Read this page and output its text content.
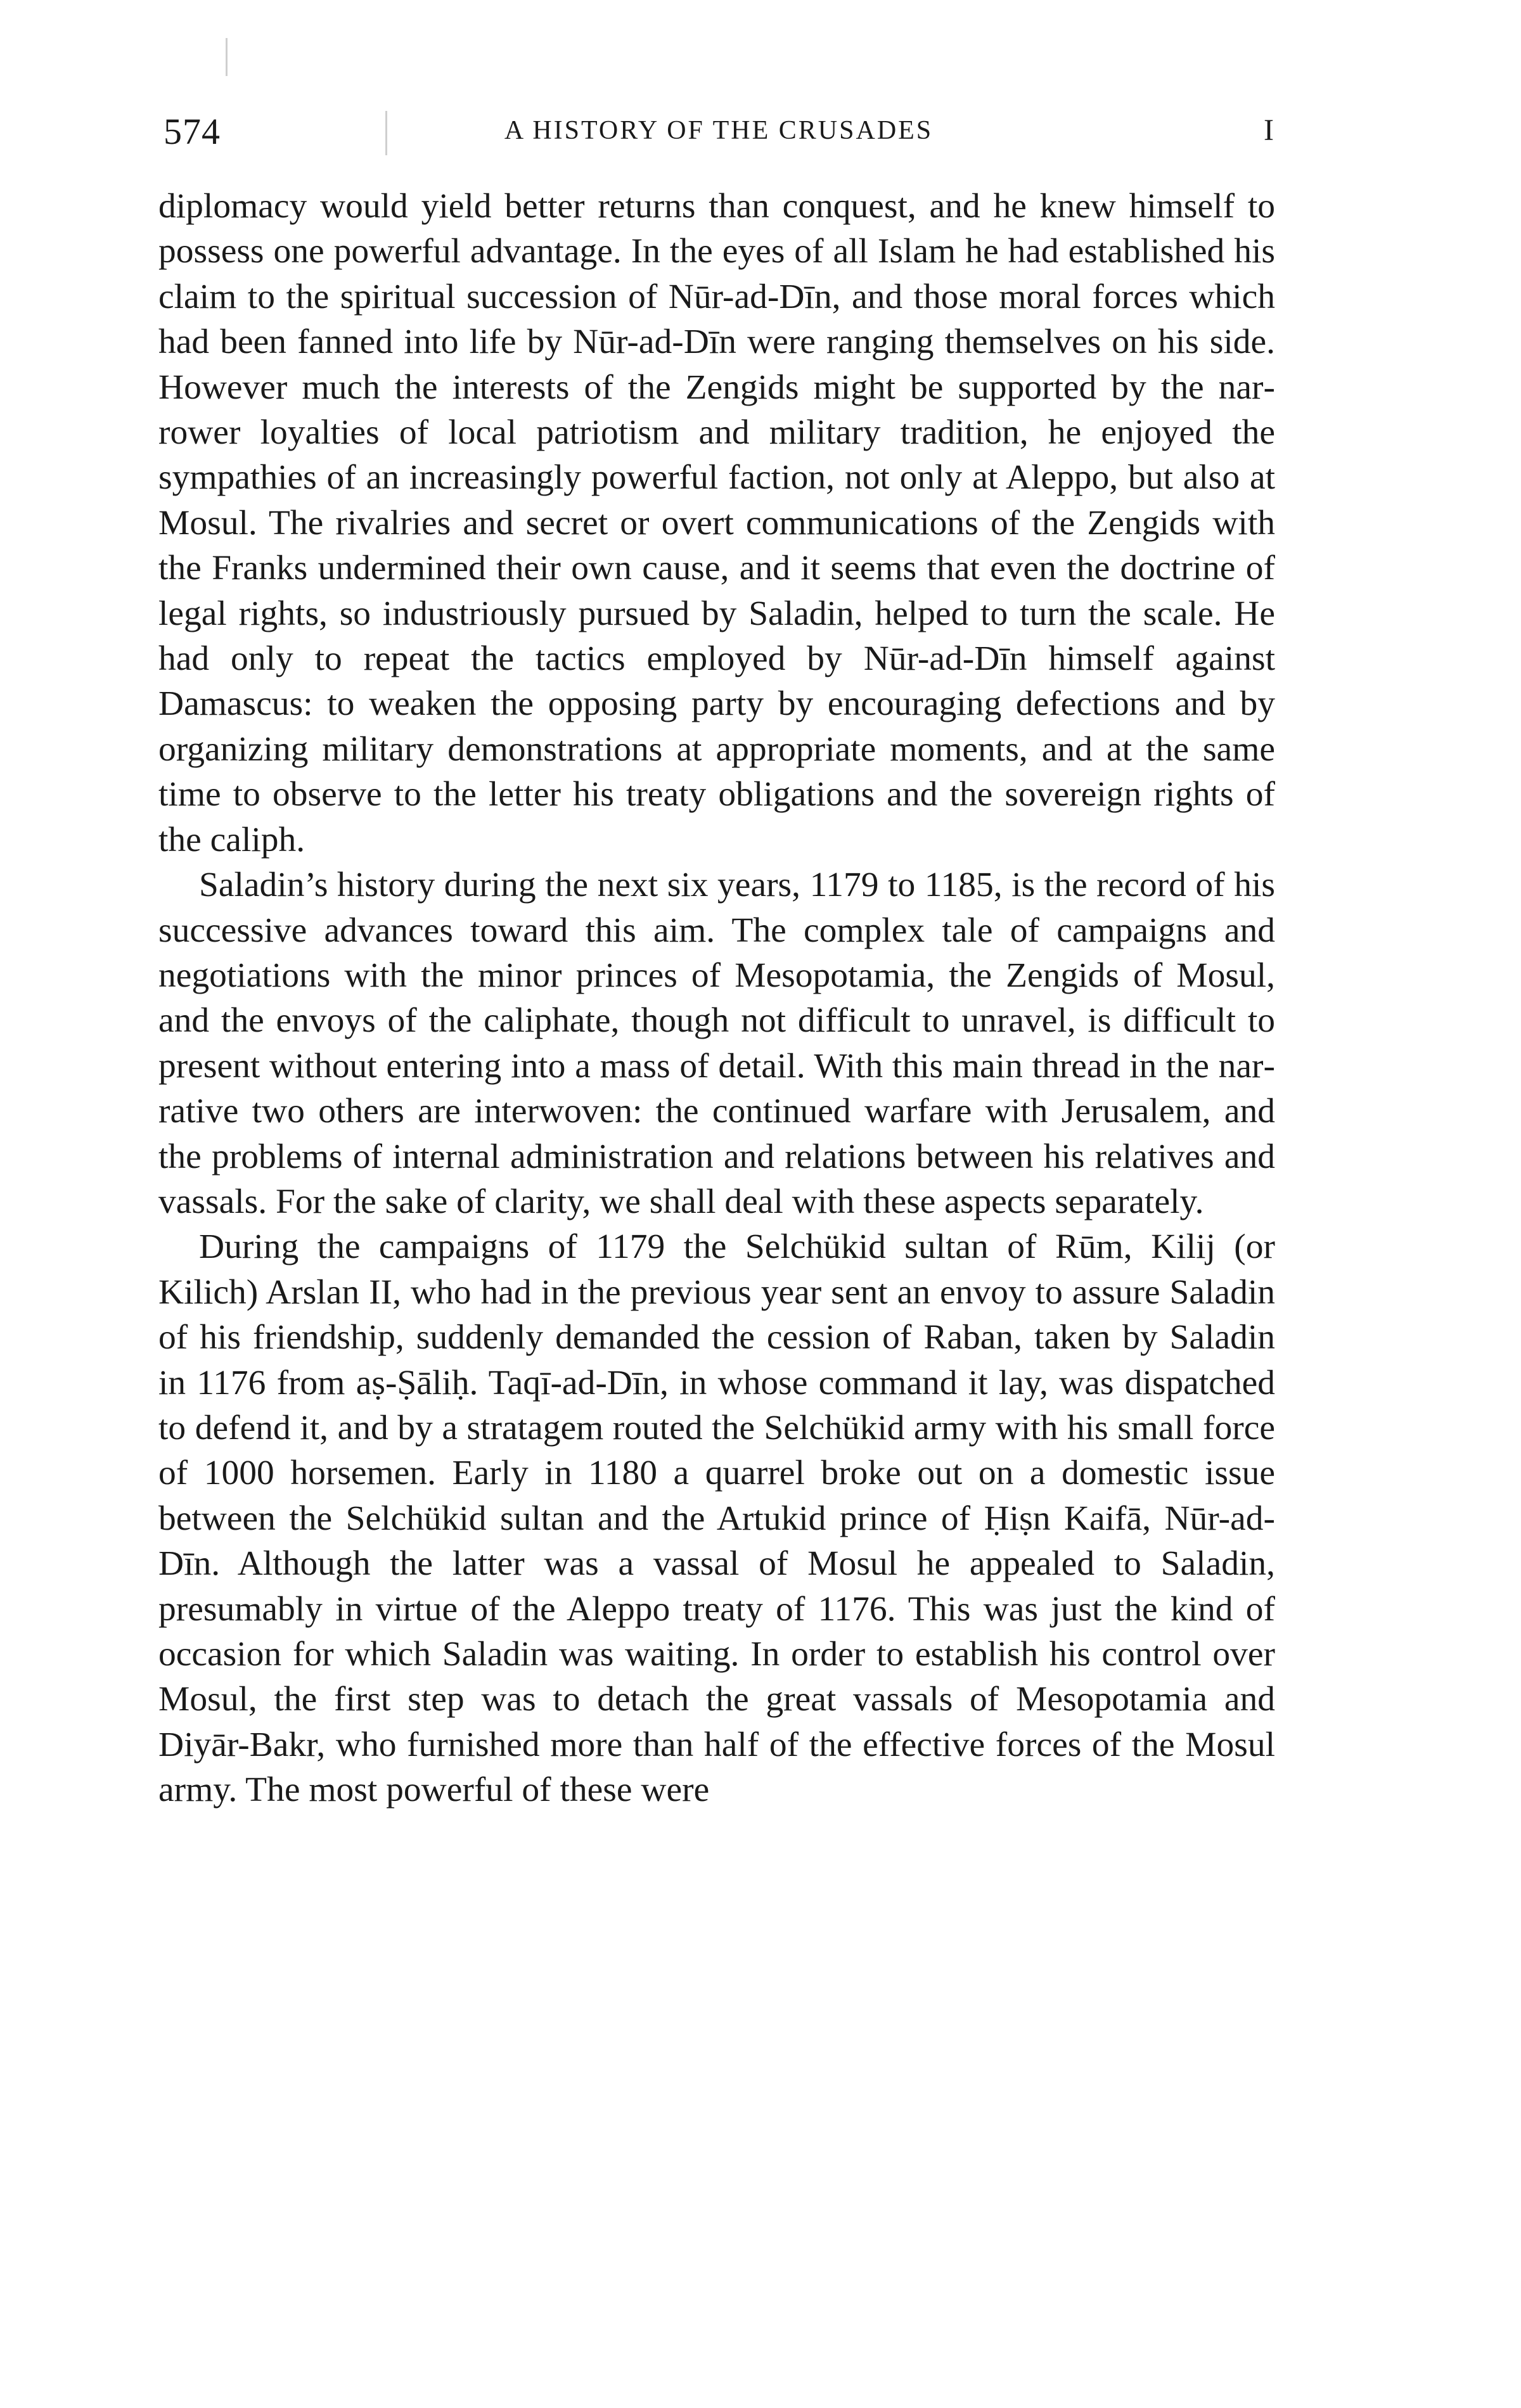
574	A HISTORY OF THE CRUSADES	I

diplomacy would yield better returns than conquest, and he knew himself to possess one powerful advantage. In the eyes of all Islam he had established his claim to the spiritual succession of Nūr-ad-Dīn, and those moral forces which had been fanned into life by Nūr-ad-Dīn were ranging themselves on his side. However much the interests of the Zengids might be supported by the narrower loyalties of local patriotism and military tradition, he enjoyed the sympathies of an increasingly powerful faction, not only at Aleppo, but also at Mosul. The rivalries and secret or overt communications of the Zengids with the Franks undermined their own cause, and it seems that even the doctrine of legal rights, so industriously pursued by Saladin, helped to turn the scale. He had only to repeat the tactics employed by Nūr-ad-Dīn himself against Damascus: to weaken the opposing party by encouraging defections and by organizing military demonstrations at appropriate moments, and at the same time to observe to the letter his treaty obligations and the sovereign rights of the caliph.

Saladin’s history during the next six years, 1179 to 1185, is the record of his successive advances toward this aim. The complex tale of campaigns and negotiations with the minor princes of Mesopotamia, the Zengids of Mosul, and the envoys of the caliphate, though not difficult to unravel, is difficult to present without entering into a mass of detail. With this main thread in the narrative two others are interwoven: the continued warfare with Jerusalem, and the problems of internal administration and relations between his relatives and vassals. For the sake of clarity, we shall deal with these aspects separately.

During the campaigns of 1179 the Selchükid sultan of Rūm, Kilij (or Kilich) Arslan II, who had in the previous year sent an envoy to assure Saladin of his friendship, suddenly demanded the cession of Raban, taken by Saladin in 1176 from aṣ-Ṣāliḥ. Taqī-ad-Dīn, in whose command it lay, was dispatched to defend it, and by a stratagem routed the Selchükid army with his small force of 1000 horsemen. Early in 1180 a quarrel broke out on a domestic issue between the Selchükid sultan and the Artukid prince of Ḥiṣn Kaifā, Nūr-ad-Dīn. Although the latter was a vassal of Mosul he appealed to Saladin, presumably in virtue of the Aleppo treaty of 1176. This was just the kind of occasion for which Saladin was waiting. In order to establish his control over Mosul, the first step was to detach the great vassals of Mesopotamia and Diyār-Bakr, who furnished more than half of the effective forces of the Mosul army. The most powerful of these were
